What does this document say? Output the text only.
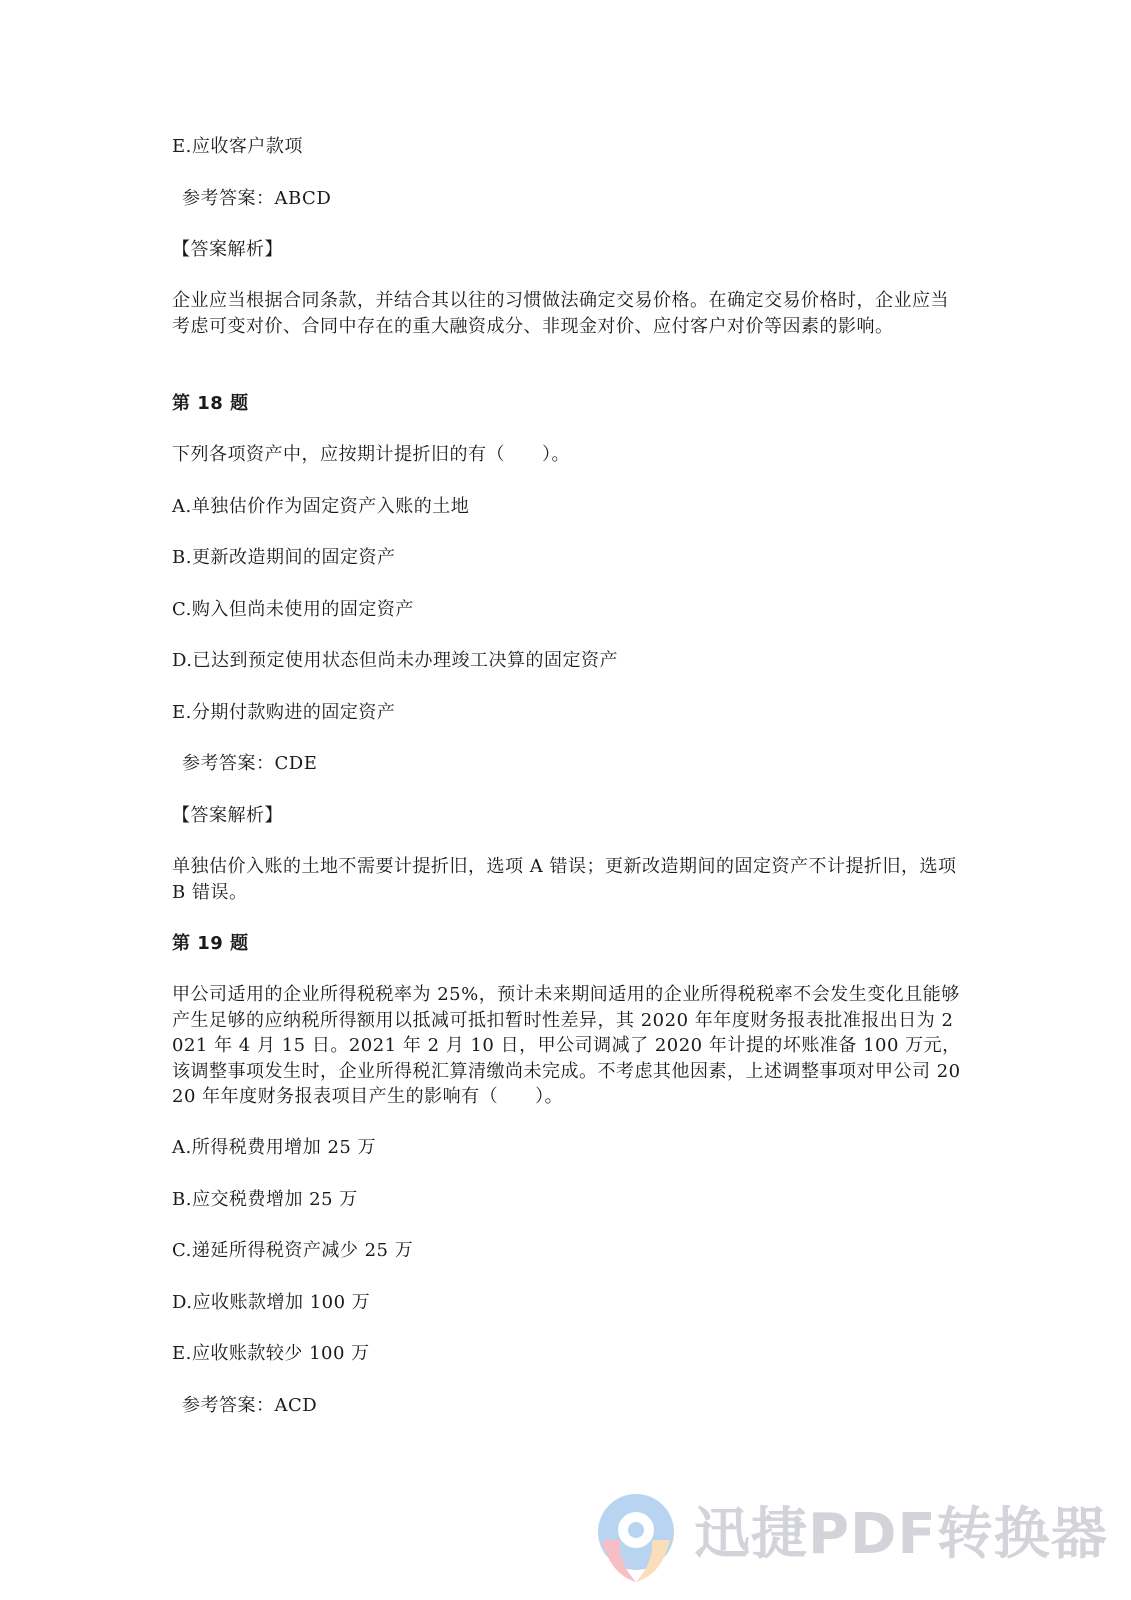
E.应收客户款项
参考答案：ABCD
【答案解析】
企业应当根据合同条款，并结合其以往的习惯做法确定交易价格。在确定交易价格时，企业应当考虑可变对价、合同中存在的重大融资成分、非现金对价、应付客户对价等因素的影响。
第 18 题
下列各项资产中，应按期计提折旧的有（　　）。
A.单独估价作为固定资产入账的土地
B.更新改造期间的固定资产
C.购入但尚未使用的固定资产
D.已达到预定使用状态但尚未办理竣工决算的固定资产
E.分期付款购进的固定资产
参考答案：CDE
【答案解析】
单独估价入账的土地不需要计提折旧，选项 A 错误；更新改造期间的固定资产不计提折旧，选项 B 错误。
第 19 题
甲公司适用的企业所得税税率为 25%，预计未来期间适用的企业所得税税率不会发生变化且能够产生足够的应纳税所得额用以抵减可抵扣暂时性差异，其 2020 年年度财务报表批准报出日为 2021 年 4 月 15 日。2021 年 2 月 10 日，甲公司调减了 2020 年计提的坏账准备 100 万元，该调整事项发生时，企业所得税汇算清缴尚未完成。不考虑其他因素，上述调整事项对甲公司 2020 年年度财务报表项目产生的影响有（　　）。
A.所得税费用增加 25 万
B.应交税费增加 25 万
C.递延所得税资产减少 25 万
D.应收账款增加 100 万
E.应收账款较少 100 万
参考答案：ACD
迅捷PDF转换器
